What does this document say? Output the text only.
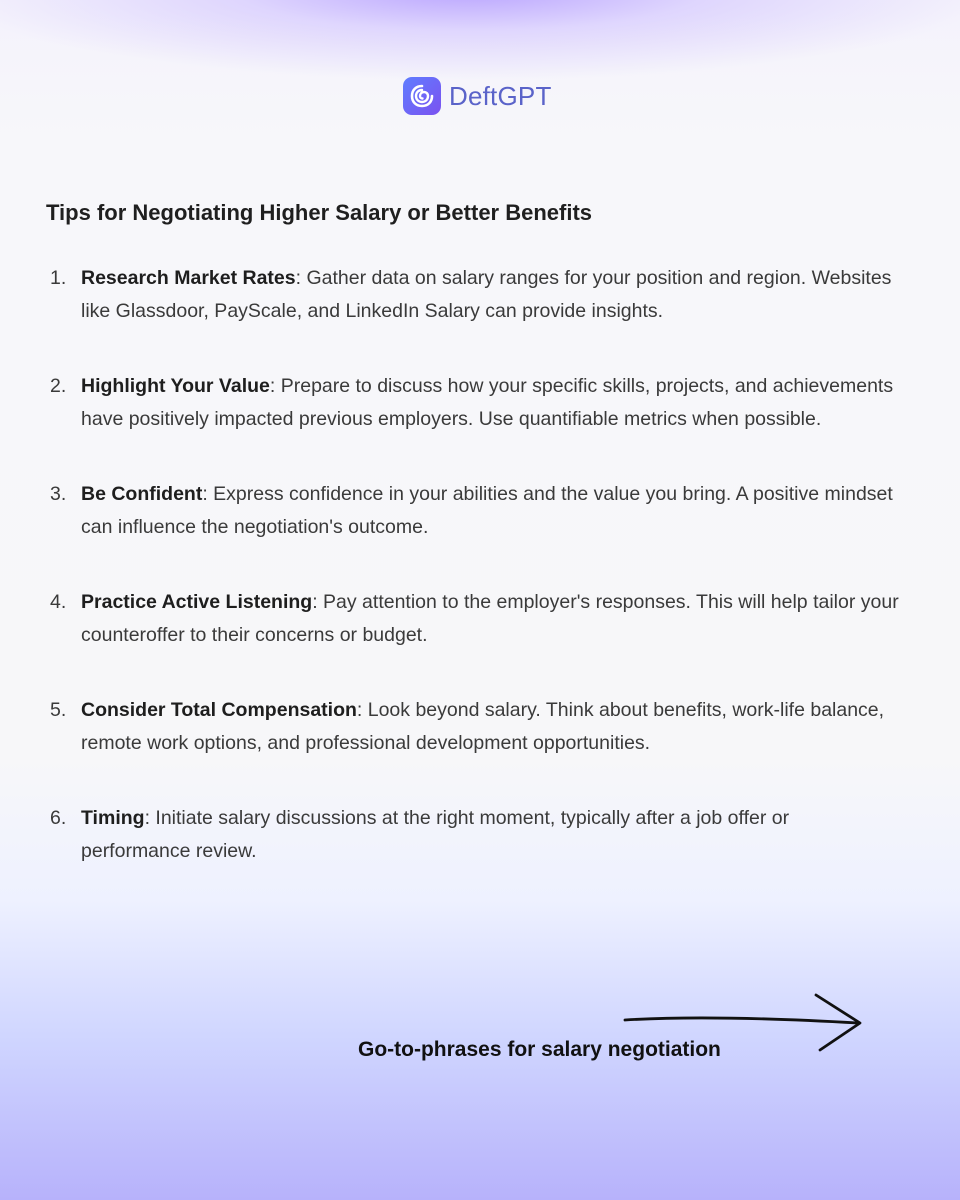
DeftGPT
Tips for Negotiating Higher Salary or Better Benefits
1. Research Market Rates: Gather data on salary ranges for your position and region. Websites like Glassdoor, PayScale, and LinkedIn Salary can provide insights.
2. Highlight Your Value: Prepare to discuss how your specific skills, projects, and achievements have positively impacted previous employers. Use quantifiable metrics when possible.
3. Be Confident: Express confidence in your abilities and the value you bring. A positive mindset can influence the negotiation's outcome.
4. Practice Active Listening: Pay attention to the employer's responses. This will help tailor your counteroffer to their concerns or budget.
5. Consider Total Compensation: Look beyond salary. Think about benefits, work-life balance, remote work options, and professional development opportunities.
6. Timing: Initiate salary discussions at the right moment, typically after a job offer or performance review.
Go-to-phrases for salary negotiation
